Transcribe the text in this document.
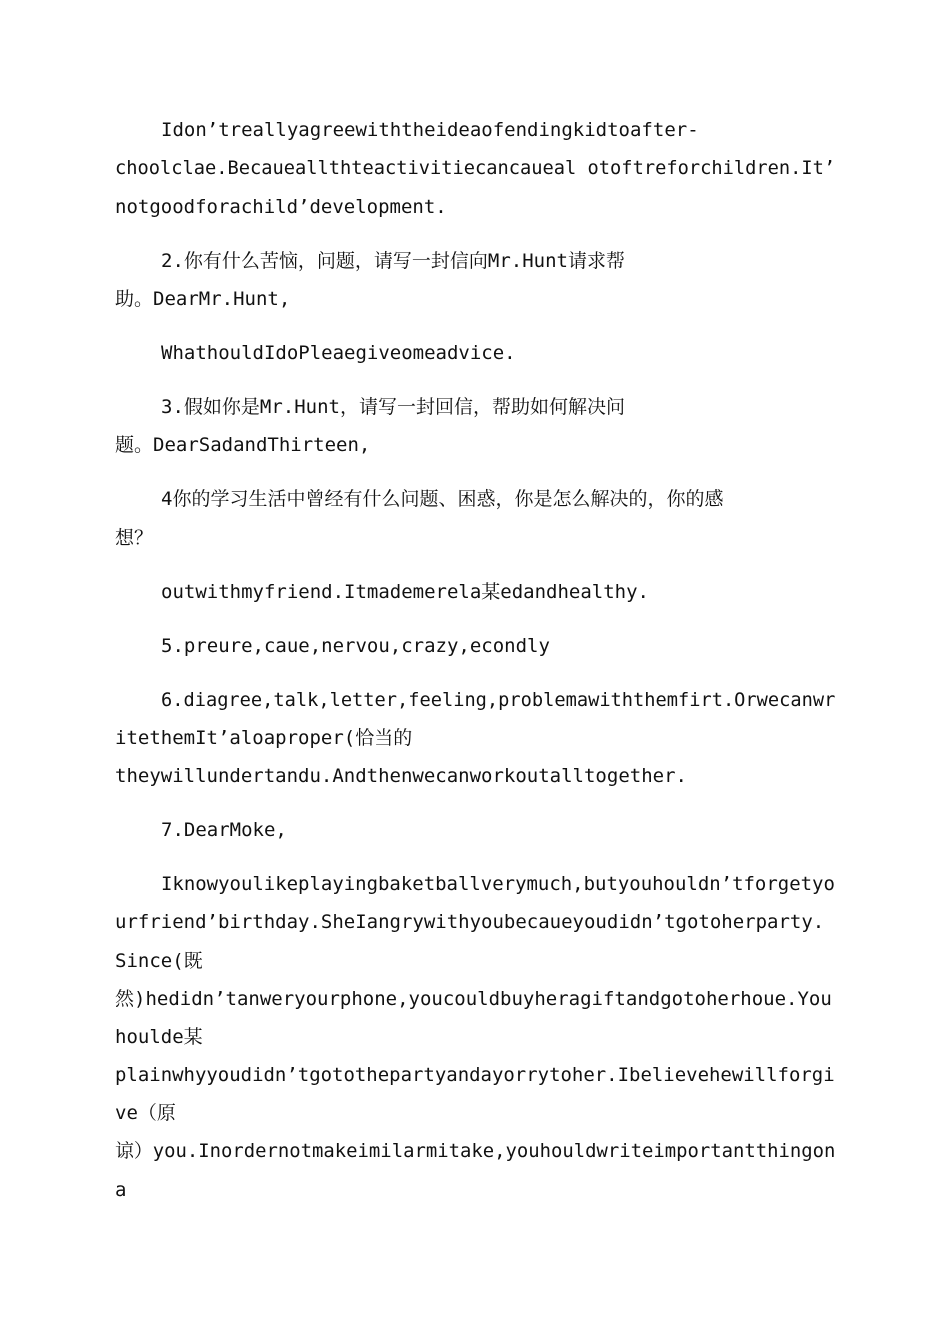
Idon’treallyagreewiththeideaofendingkidtoafter-
choolclae.Becaueallthteactivitiecancaueal otoftreforchildren.It’
notgoodforachild’development.
2.你有什么苦恼，问题，请写一封信向Mr.Hunt请求帮
助。DearMr.Hunt,
WhathouldIdoPleaegiveomeadvice.
3.假如你是Mr.Hunt，请写一封回信，帮助如何解决问
题。DearSadandThirteen,
4你的学习生活中曾经有什么问题、困惑，你是怎么解决的，你的感
想？
outwithmyfriend.Itmademerela某edandhealthy.
5.preure,caue,nervou,crazy,econdly
6.diagree,talk,letter,feeling,problemawiththemfirt.Orwecanwr
itethemIt’aloaproper(恰当的
theywillundertandu.Andthenwecanworkoutalltogether.
7.DearMoke,
Iknowyoulikeplayingbaketballverymuch,butyouhouldn’tforgetyo
urfriend’birthday.SheIangrywithyoubecaueyoudidn’tgotoherparty.
Since(既
然)hedidn’tanweryourphone,youcouldbuyheragiftandgotoherhoue.You
houlde某
plainwhyyoudidn’tgotothepartyandayorrytoher.Ibelievehewillforgi
ve（原
谅）you.Inordernotmakeimilarmitake,youhouldwriteimportantthingon
a
